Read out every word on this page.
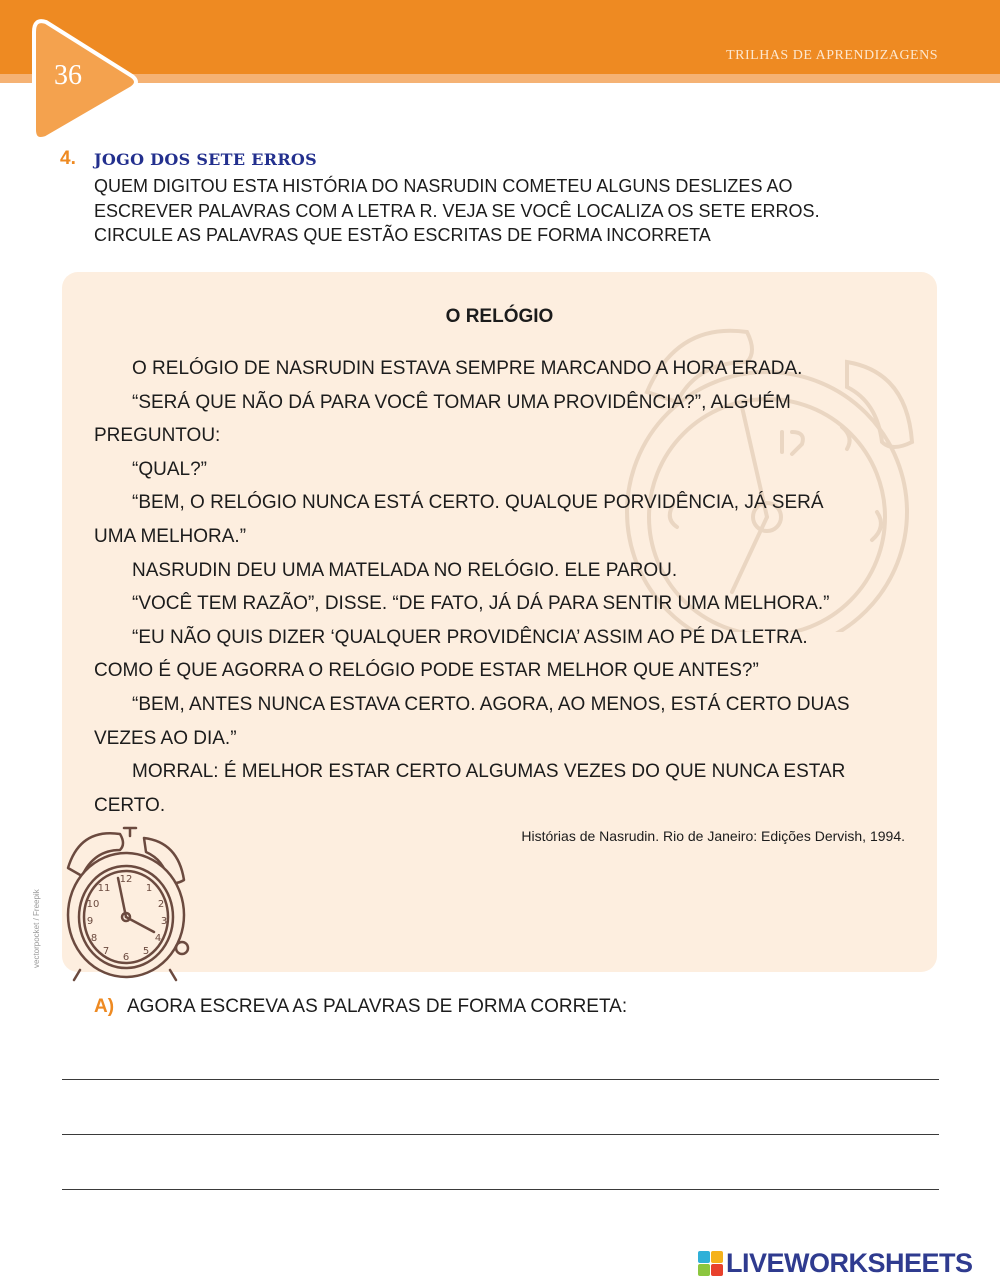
TRILHAS DE APRENDIZAGENS
36
4. JOGO DOS SETE ERROS
QUEM DIGITOU ESTA HISTÓRIA DO NASRUDIN COMETEU ALGUNS DESLIZES AO
ESCREVER PALAVRAS COM A LETRA R. VEJA SE VOCÊ LOCALIZA OS SETE ERROS.
CIRCULE AS PALAVRAS QUE ESTÃO ESCRITAS DE FORMA INCORRETA
O RELÓGIO
O RELÓGIO DE NASRUDIN ESTAVA SEMPRE MARCANDO A HORA ERADA.
“SERÁ QUE NÃO DÁ PARA VOCÊ TOMAR UMA PROVIDÊNCIA?”, ALGUÉM
PREGUNTOU:
“QUAL?”
“BEM, O RELÓGIO NUNCA ESTÁ CERTO. QUALQUE PORVIDÊNCIA, JÁ SERÁ
UMA MELHORA.”
NASRUDIN DEU UMA MATELADA NO RELÓGIO. ELE PAROU.
“VOCÊ TEM RAZÃO”, DISSE. “DE FATO, JÁ DÁ PARA SENTIR UMA MELHORA.”
“EU NÃO QUIS DIZER ‘QUALQUER PROVIDÊNCIA’ ASSIM AO PÉ DA LETRA.
COMO É QUE AGORRA O RELÓGIO PODE ESTAR MELHOR QUE ANTES?”
“BEM, ANTES NUNCA ESTAVA CERTO. AGORA, AO MENOS, ESTÁ CERTO DUAS
VEZES AO DIA.”
MORRAL: É MELHOR ESTAR CERTO ALGUMAS VEZES DO QUE NUNCA ESTAR
CERTO.
Histórias de Nasrudin. Rio de Janeiro: Edições Dervish, 1994.
12
1
2
3
4
5
6
7
8
9
10
11
vectorpocket / Freepik
A) AGORA ESCREVA AS PALAVRAS DE FORMA CORRETA:
LIVEWORKSHEETS
